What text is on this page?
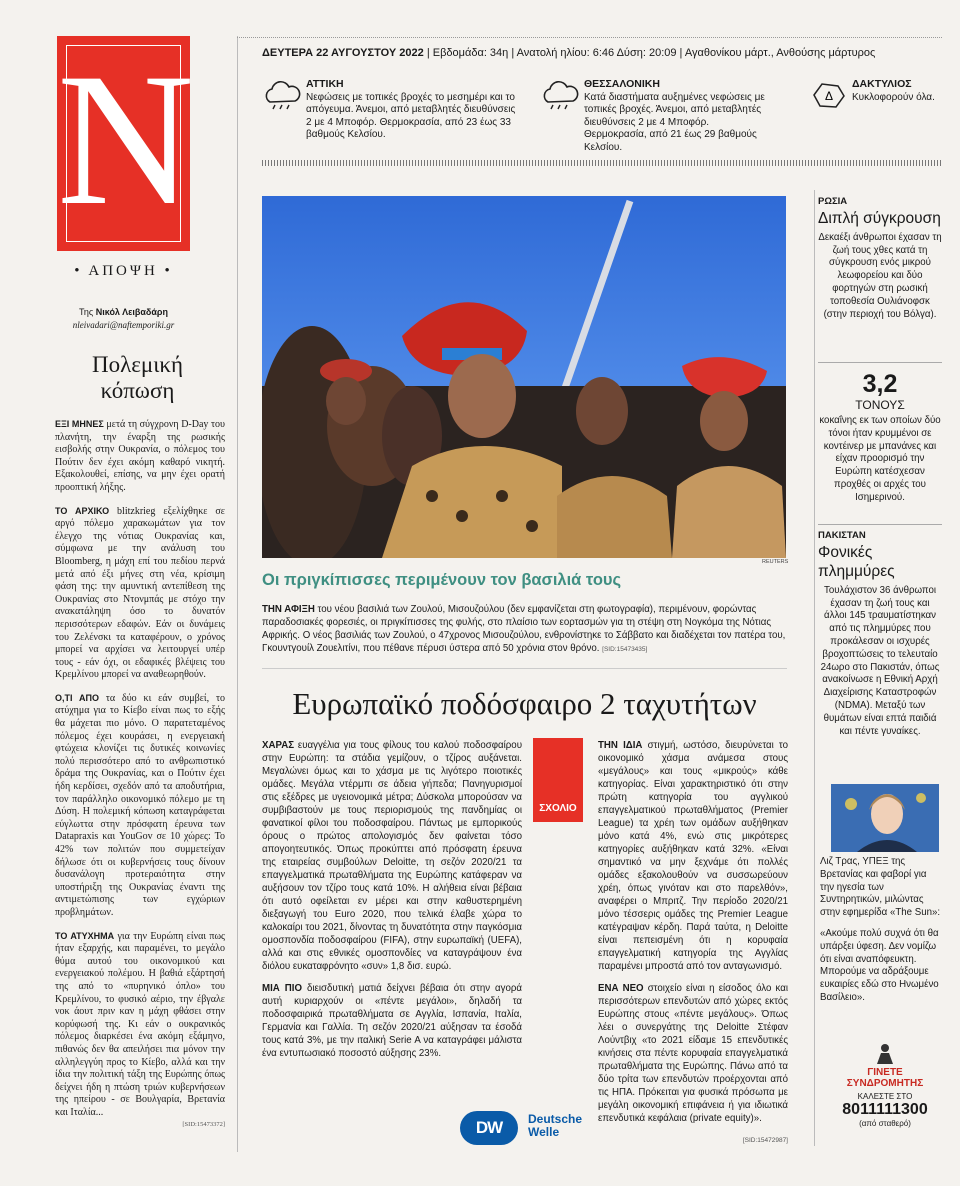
N
• ΑΠΟΨΗ •
Της Νικόλ Λειβαδάρη
nleivadari@naftemporiki.gr
Πολεμική κόπωση

ΕΞΙ ΜΗΝΕΣ μετά τη σύγχρονη D-Day του πλανήτη, την έναρξη της ρωσικής εισβολής στην Ουκρανία, ο πόλεμος του Πούτιν δεν έχει ακόμη καθαρό νικητή. Εξακολουθεί, επίσης, να μην έχει ορατή προοπτική λήξης.

ΤΟ ΑΡΧΙΚΟ blitzkrieg εξελίχθηκε σε αργό πόλεμο χαρακωμάτων για τον έλεγχο της νότιας Ουκρανίας και, σύμφωνα με την ανάλυση του Bloomberg, η μάχη επί του πεδίου περνά μετά από έξι μήνες στη νέα, κρίσιμη φάση της: την αμυντική αντεπίθεση της Ουκρανίας στο Ντονμπάς με στόχο την ανακατάληψη όσο το δυνατόν περισσότερων εδαφών. Εάν οι δυνάμεις του Ζελένσκι τα καταφέρουν, ο χρόνος μπορεί να αρχίσει να λειτουργεί υπέρ τους - εάν όχι, οι εδαφικές βλέψεις του Κρεμλίνου μπορεί να αναθεωρηθούν.

Ο,ΤΙ ΑΠΟ τα δύο κι εάν συμβεί, το ατύχημα για το Κίεβο είναι πως το εξής θα μάχεται πιο μόνο. Ο παρατεταμένος πόλεμος έχει κουράσει, η ενεργειακή φτώχεια κλονίζει τις δυτικές κοινωνίες πολύ περισσότερο από το ανθρωπιστικό δράμα της Ουκρανίας, και ο Πούτιν έχει ήδη κερδίσει, σχεδόν από τα αποδυτήρια, τον παράλληλο οικονομικό πόλεμο με τη Δύση. Η πολεμική κόπωση καταγράφεται εύγλωττα στην πρόσφατη έρευνα των Datapraxis και YouGov σε 10 χώρες: Το 42% των πολιτών που συμμετείχαν δήλωσε ότι οι κυβερνήσεις τους δίνουν δυσανάλογη προτεραιότητα στην υποστήριξη της Ουκρανίας έναντι της αντιμετώπισης των εγχώριων προβλημάτων.

ΤΟ ΑΤΥΧΗΜΑ για την Ευρώπη είναι πως ήταν εξαρχής, και παραμένει, το μεγάλο θύμα αυτού του οικονομικού και ενεργειακού πολέμου. Η βαθιά εξάρτησή της από το «πυρηνικό όπλο» του Κρεμλίνου, το φυσικό αέριο, την έβγαλε νοκ άουτ πριν καν η μάχη φθάσει στην κορύφωσή της. Κι εάν ο ουκρανικός πόλεμος διαρκέσει ένα ακόμη εξάμηνο, πιθανώς δεν θα απειλήσει πια μόνον την αλληλεγγύη προς το Κίεβο, αλλά και την ίδια την πολιτική τάξη της Ευρώπης όπως δείχνει ήδη η πτώση τριών κυβερνήσεων της ηπείρου - σε Βουλγαρία, Βρετανία και Ιταλία...
[SID:15473372]

ΔΕΥΤΕΡΑ 22 ΑΥΓΟΥΣΤΟΥ 2022 | Εβδομάδα: 34η | Ανατολή ηλίου: 6:46 Δύση: 20:09 | Αγαθονίκου μάρτ., Ανθούσης μάρτυρος
ΑΤΤΙΚΗ
Νεφώσεις με τοπικές βροχές το μεσημέρι και το απόγευμα. Άνεμοι, από μεταβλητές διευθύνσεις 2 με 4 Μποφόρ. Θερμοκρασία, από 23 έως 33 βαθμούς Κελσίου.
ΘΕΣΣΑΛΟΝΙΚΗ
Κατά διαστήματα αυξημένες νεφώσεις με τοπικές βροχές. Άνεμοι, από μεταβλητές διευθύνσεις 2 με 4 Μποφόρ. Θερμοκρασία, από 21 έως 29 βαθμούς Κελσίου.
Δ
ΔΑΚΤΥΛΙΟΣ
Κυκλοφορούν όλα.
REUTERS
Οι πριγκίπισσες περιμένουν τον βασιλιά τους
ΤΗΝ ΑΦΙΞΗ του νέου βασιλιά των Ζουλού, Μισουζούλου (δεν εμφανίζεται στη φωτογραφία), περιμένουν, φορώντας παραδοσιακές φορεσιές, οι πριγκίπισσες της φυλής, στο πλαίσιο των εορτασμών για τη στέψη στη Νογκόμα της Νότιας Αφρικής. Ο νέος βασιλιάς των Ζουλού, ο 47χρονος Μισουζούλου, ενθρονίστηκε το Σάββατο και διαδέχεται τον πατέρα του, Γκουντγουίλ Ζουελιτίνι, που πέθανε πέρυσι ύστερα από 50 χρόνια στον θρόνο. [SID:15473435]
Ευρωπαϊκό ποδόσφαιρο 2 ταχυτήτων

ΧΑΡΑΣ ευαγγέλια για τους φίλους του καλού ποδοσφαίρου στην Ευρώπη: τα στάδια γεμίζουν, ο τζίρος αυξάνεται. Μεγαλώνει όμως και το χάσμα με τις λιγότερο ποιοτικές ομάδες. Μεγάλα ντέρμπι σε άδεια γήπεδα; Πανηγυρισμοί στις εξέδρες με υγειονομικά μέτρα; Δύσκολα μπορούσαν να συμβιβαστούν με τους περιορισμούς της πανδημίας οι φανατικοί φίλοι του ποδοσφαίρου. Πάντως με εμπορικούς όρους ο πρώτος απολογισμός δεν φαίνεται τόσο απογοητευτικός. Όπως προκύπτει από πρόσφατη έρευνα της εταιρείας συμβούλων Deloitte, τη σεζόν 2020/21 τα επαγγελματικά πρωταθλήματα της Ευρώπης κατάφεραν να αυξήσουν τον τζίρο τους κατά 10%. Η αλήθεια είναι βέβαια ότι αυτό οφείλεται εν μέρει και στην καθυστερημένη διεξαγωγή του Euro 2020, που τελικά έλαβε χώρα το καλοκαίρι του 2021, δίνοντας τη δυνατότητα στην παγκόσμια ομοσπονδία ποδοσφαίρου (FIFA), στην ευρωπαϊκή (UEFA), αλλά και στις εθνικές ομοσπονδίες να καταγράψουν ένα διόλου ευκαταφρόνητο «συν» 1,8 δισ. ευρώ.

ΜΙΑ ΠΙΟ διεισδυτική ματιά δείχνει βέβαια ότι στην αγορά αυτή κυριαρχούν οι «πέντε μεγάλοι», δηλαδή τα ποδοσφαιρικά πρωταθλήματα σε Αγγλία, Ισπανία, Ιταλία, Γερμανία και Γαλλία. Τη σεζόν 2020/21 αύξησαν τα έσοδά τους κατά 3%, με την ιταλική Serie A να καταγράφει μάλιστα ένα εντυπωσιακό ποσοστό αύξησης 23%.

ΣΧΟΛΙΟ

ΤΗΝ ΙΔΙΑ στιγμή, ωστόσο, διευρύνεται το οικονομικό χάσμα ανάμεσα στους «μεγάλους» και τους «μικρούς» κάθε κατηγορίας. Είναι χαρακτηριστικό ότι στην πρώτη κατηγορία του αγγλικού επαγγελματικού πρωταθλήματος (Premier League) τα χρέη των ομάδων αυξήθηκαν μόνο κατά 4%, ενώ στις μικρότερες κατηγορίες αυξήθηκαν κατά 32%. «Είναι σημαντικό να μην ξεχνάμε ότι πολλές ομάδες εξακολουθούν να συσσωρεύουν χρέη, όπως γινόταν και στο παρελθόν», αναφέρει ο Μπριτζ. Την περίοδο 2020/21 μόνο τέσσερις ομάδες της Premier League κατέγραψαν κέρδη. Παρά ταύτα, η Deloitte είναι πεπεισμένη ότι η κορυφαία επαγγελματική κατηγορία της Αγγλίας παραμένει μπροστά από τον ανταγωνισμό.

ΕΝΑ ΝΕΟ στοιχείο είναι η είσοδος όλο και περισσότερων επενδυτών από χώρες εκτός Ευρώπης στους «πέντε μεγάλους». Όπως λέει ο συνεργάτης της Deloitte Στέφαν Λούντβιχ «το 2021 είδαμε 15 επενδυτικές κινήσεις στα πέντε κορυφαία επαγγελματικά πρωταθλήματα της Ευρώπης. Πάνω από τα δύο τρίτα των επενδυτών προέρχονται από τις ΗΠΑ. Πρόκειται για φυσικά πρόσωπα με μεγάλη οικονομική επιφάνεια ή για ιδιωτικά επενδυτικά κεφάλαια (private equity)».

[SID:15472987]
DW	Deutsche
Welle
ΡΩΣΙΑ
Διπλή σύγκρουση
Δεκαέξι άνθρωποι έχασαν τη ζωή τους χθες κατά τη σύγκρουση ενός μικρού λεωφορείου και δύο φορτηγών στη ρωσική τοποθεσία Ουλιάνοφσκ (στην περιοχή του Βόλγα).
3,2
ΤΟΝΟΥΣ
κοκαΐνης εκ των οποίων δύο τόνοι ήταν κρυμμένοι σε κοντέινερ με μπανάνες και είχαν προορισμό την Ευρώπη κατέσχεσαν προχθές οι αρχές του Ισημερινού.
ΠΑΚΙΣΤΑΝ
Φονικές πλημμύρες
Τουλάχιστον 36 άνθρωποι έχασαν τη ζωή τους και άλλοι 145 τραυματίστηκαν από τις πλημμύρες που προκάλεσαν οι ισχυρές βροχοπτώσεις το τελευταίο 24ωρο στο Πακιστάν, όπως ανακοίνωσε η Εθνική Αρχή Διαχείρισης Καταστροφών (NDMA). Μεταξύ των θυμάτων είναι επτά παιδιά και πέντε γυναίκες.
Λιζ Τρας, ΥΠΕΞ της Βρετανίας και φαβορί για την ηγεσία των Συντηρητικών, μιλώντας στην εφημερίδα «The Sun»:
«Ακούμε πολύ συχνά ότι θα υπάρξει ύφεση. Δεν νομίζω ότι είναι αναπόφευκτη. Μπορούμε να αδράξουμε ευκαιρίες εδώ στο Ηνωμένο Βασίλειο».
ΓΙΝΕΤΕ
ΣΥΝΔΡΟΜΗΤΗΣ
ΚΑΛΕΣΤΕ ΣΤΟ
8011111300
(από σταθερό)
